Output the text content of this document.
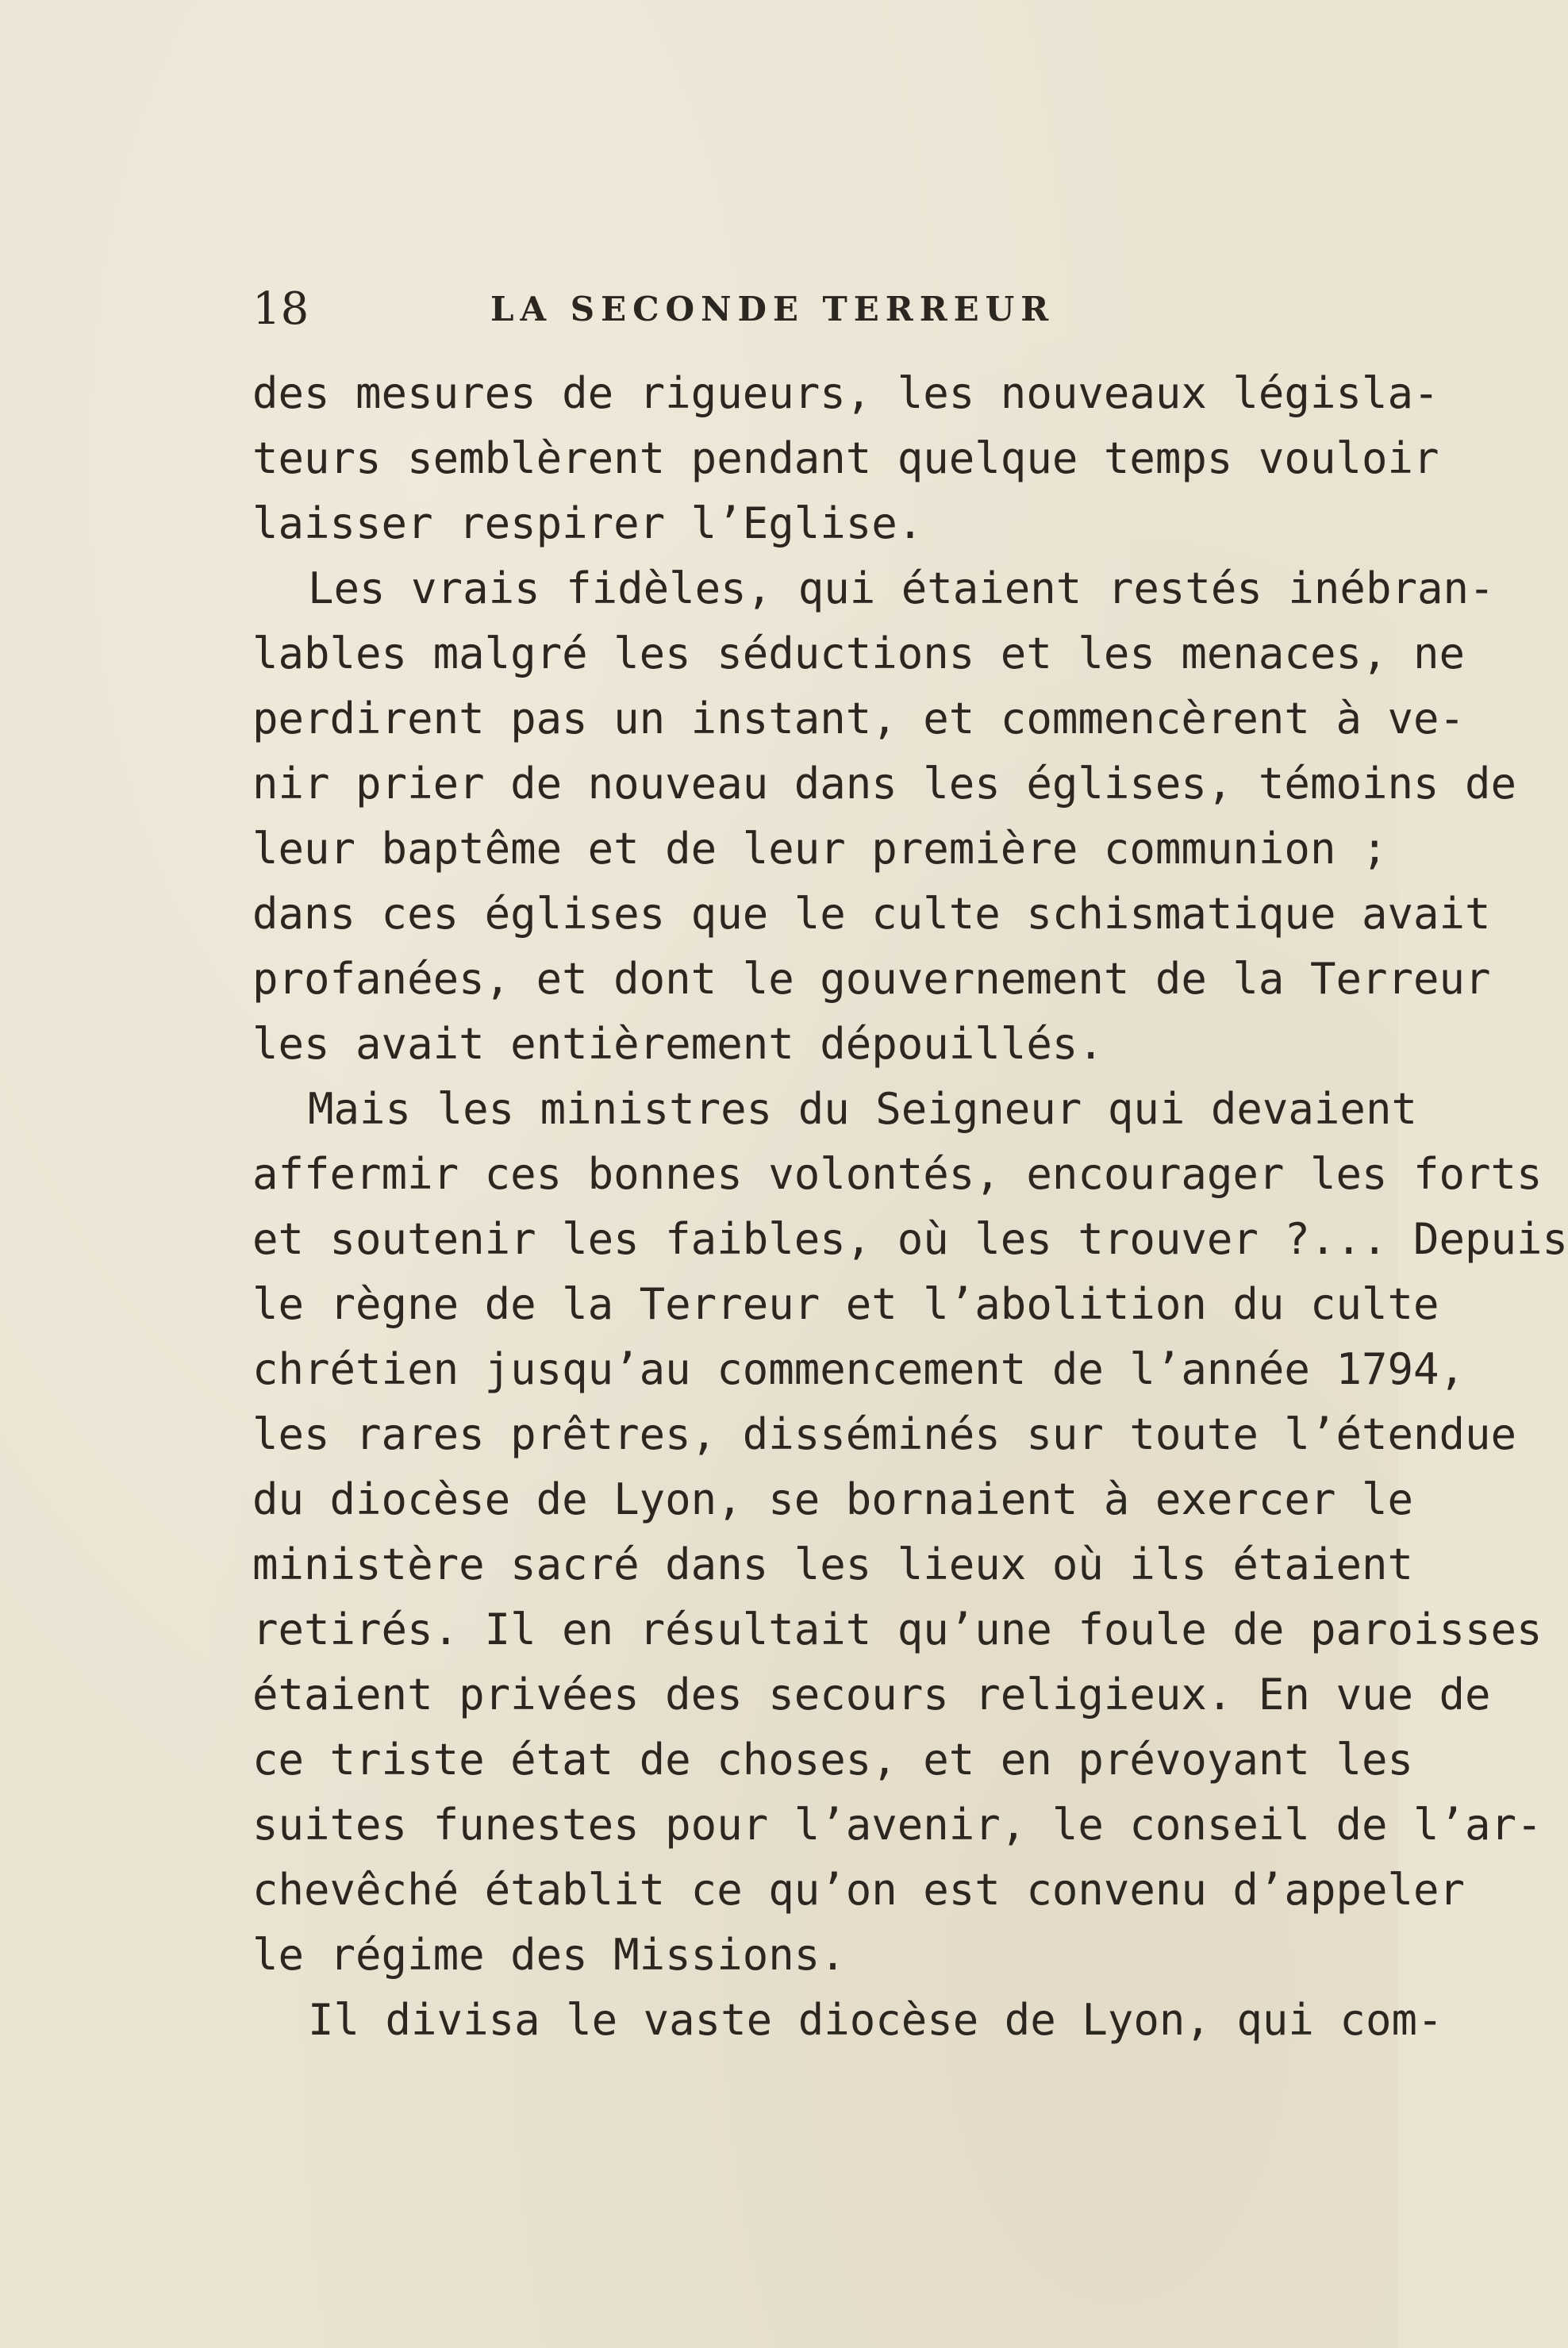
18	LA SECONDE TERREUR
des mesures de rigueurs, les nouveaux législa-
teurs semblèrent pendant quelque temps vouloir
laisser respirer l’Eglise.
Les vrais fidèles, qui étaient restés inébran-
lables malgré les séductions et les menaces, ne
perdirent pas un instant, et commencèrent à ve-
nir prier de nouveau dans les églises, témoins de
leur baptême et de leur première communion ;
dans ces églises que le culte schismatique avait
profanées, et dont le gouvernement de la Terreur
les avait entièrement dépouillés.
Mais les ministres du Seigneur qui devaient
affermir ces bonnes volontés, encourager les forts
et soutenir les faibles, où les trouver ?... Depuis
le règne de la Terreur et l’abolition du culte
chrétien jusqu’au commencement de l’année 1794,
les rares prêtres, disséminés sur toute l’étendue
du diocèse de Lyon, se bornaient à exercer le
ministère sacré dans les lieux où ils étaient
retirés. Il en résultait qu’une foule de paroisses
étaient privées des secours religieux. En vue de
ce triste état de choses, et en prévoyant les
suites funestes pour l’avenir, le conseil de l’ar-
chevêché établit ce qu’on est convenu d’appeler
le régime des Missions.
Il divisa le vaste diocèse de Lyon, qui com-
